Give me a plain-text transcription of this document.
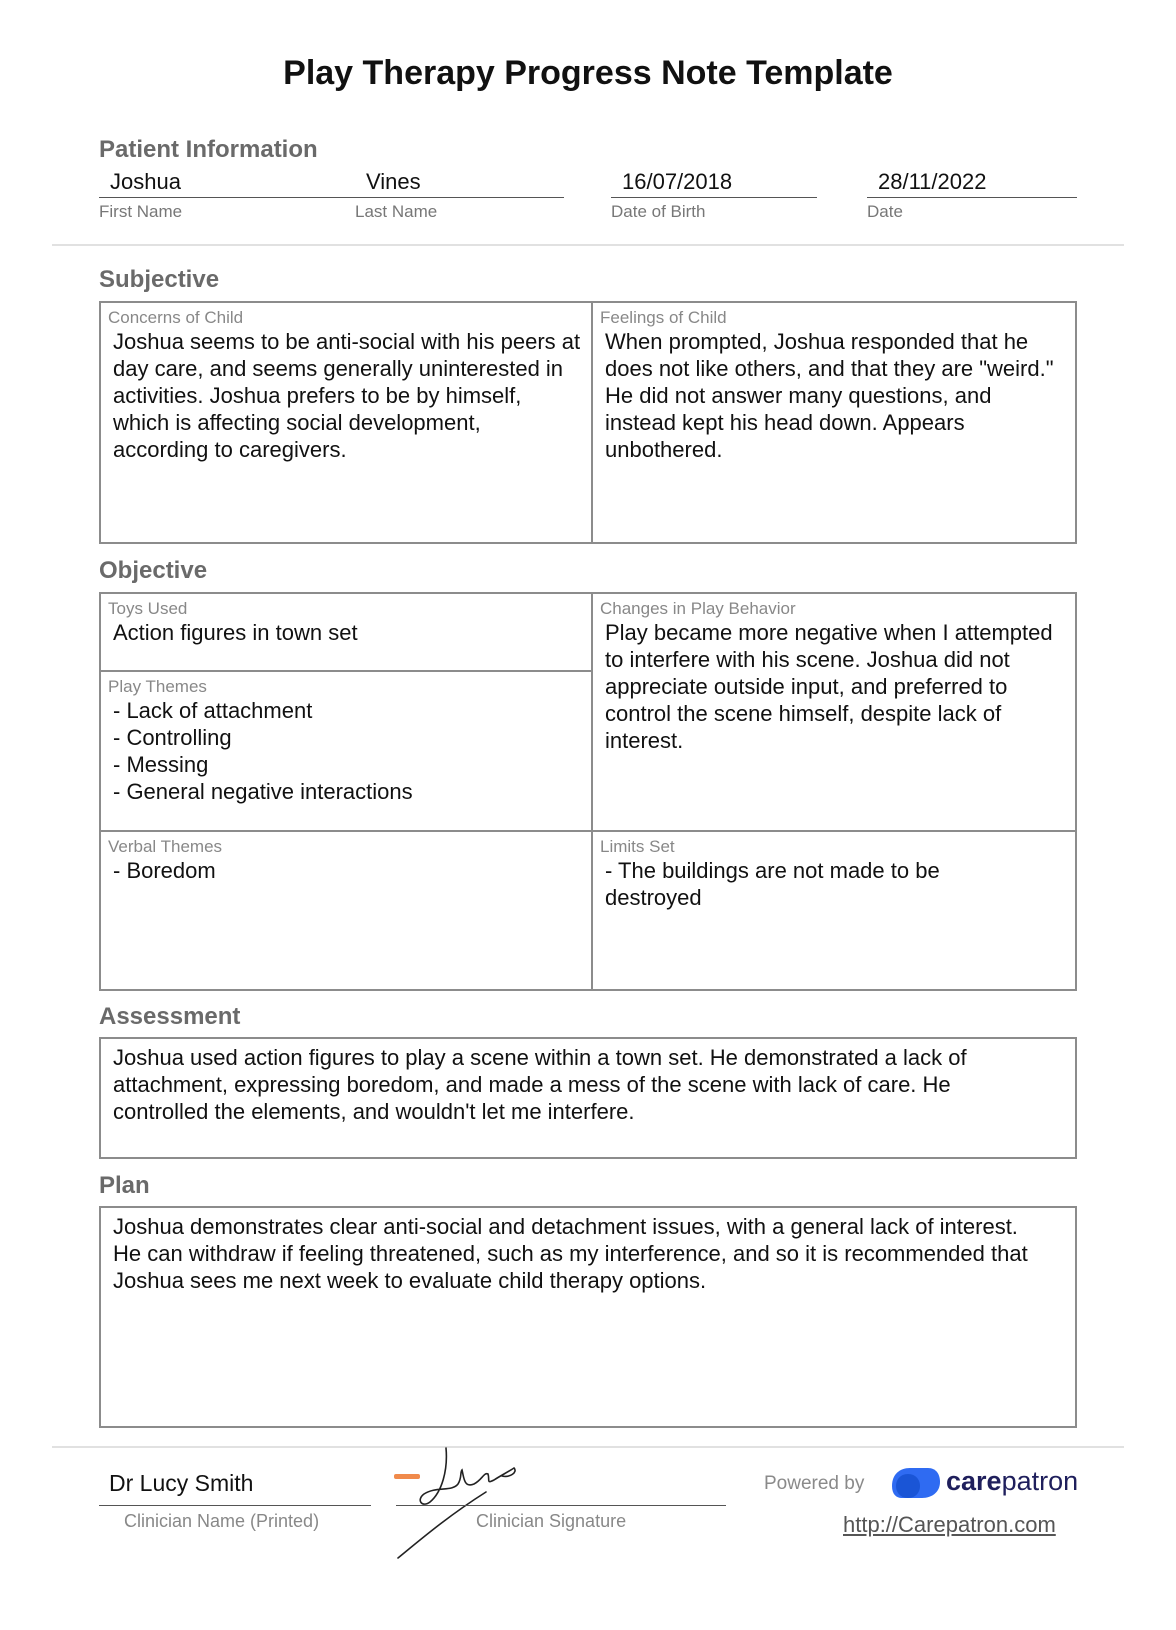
Play Therapy Progress Note Template
Patient Information
Joshua	Vines
First Name	Last Name
16/07/2018
Date of Birth
28/11/2022
Date
Subjective
Concerns of Child
Joshua seems to be anti-social with his peers at day care, and seems generally uninterested in activities. Joshua prefers to be by himself, which is affecting social development, according to caregivers.
Feelings of Child
When prompted, Joshua responded that he does not like others, and that they are "weird." He did not answer many questions, and instead kept his head down. Appears unbothered.
Objective
Toys Used
Action figures in town set
Play Themes
- Lack of attachment
- Controlling
- Messing
- General negative interactions
Changes in Play Behavior
Play became more negative when I attempted to interfere with his scene. Joshua did not appreciate outside input, and preferred to control the scene himself, despite lack of interest.
Verbal Themes
- Boredom
Limits Set
- The buildings are not made to be destroyed
Assessment
Joshua used action figures to play a scene within a town set. He demonstrated a lack of attachment, expressing boredom, and made a mess of the scene with lack of care. He controlled the elements, and wouldn't let me interfere.
Plan
Joshua demonstrates clear anti-social and detachment issues, with a general lack of interest. He can withdraw if feeling threatened, such as my interference, and so it is recommended that Joshua sees me next week to evaluate child therapy options.
Dr Lucy Smith
Clinician Name (Printed)	Clinician Signature
Powered by	carepatron
http://Carepatron.com
